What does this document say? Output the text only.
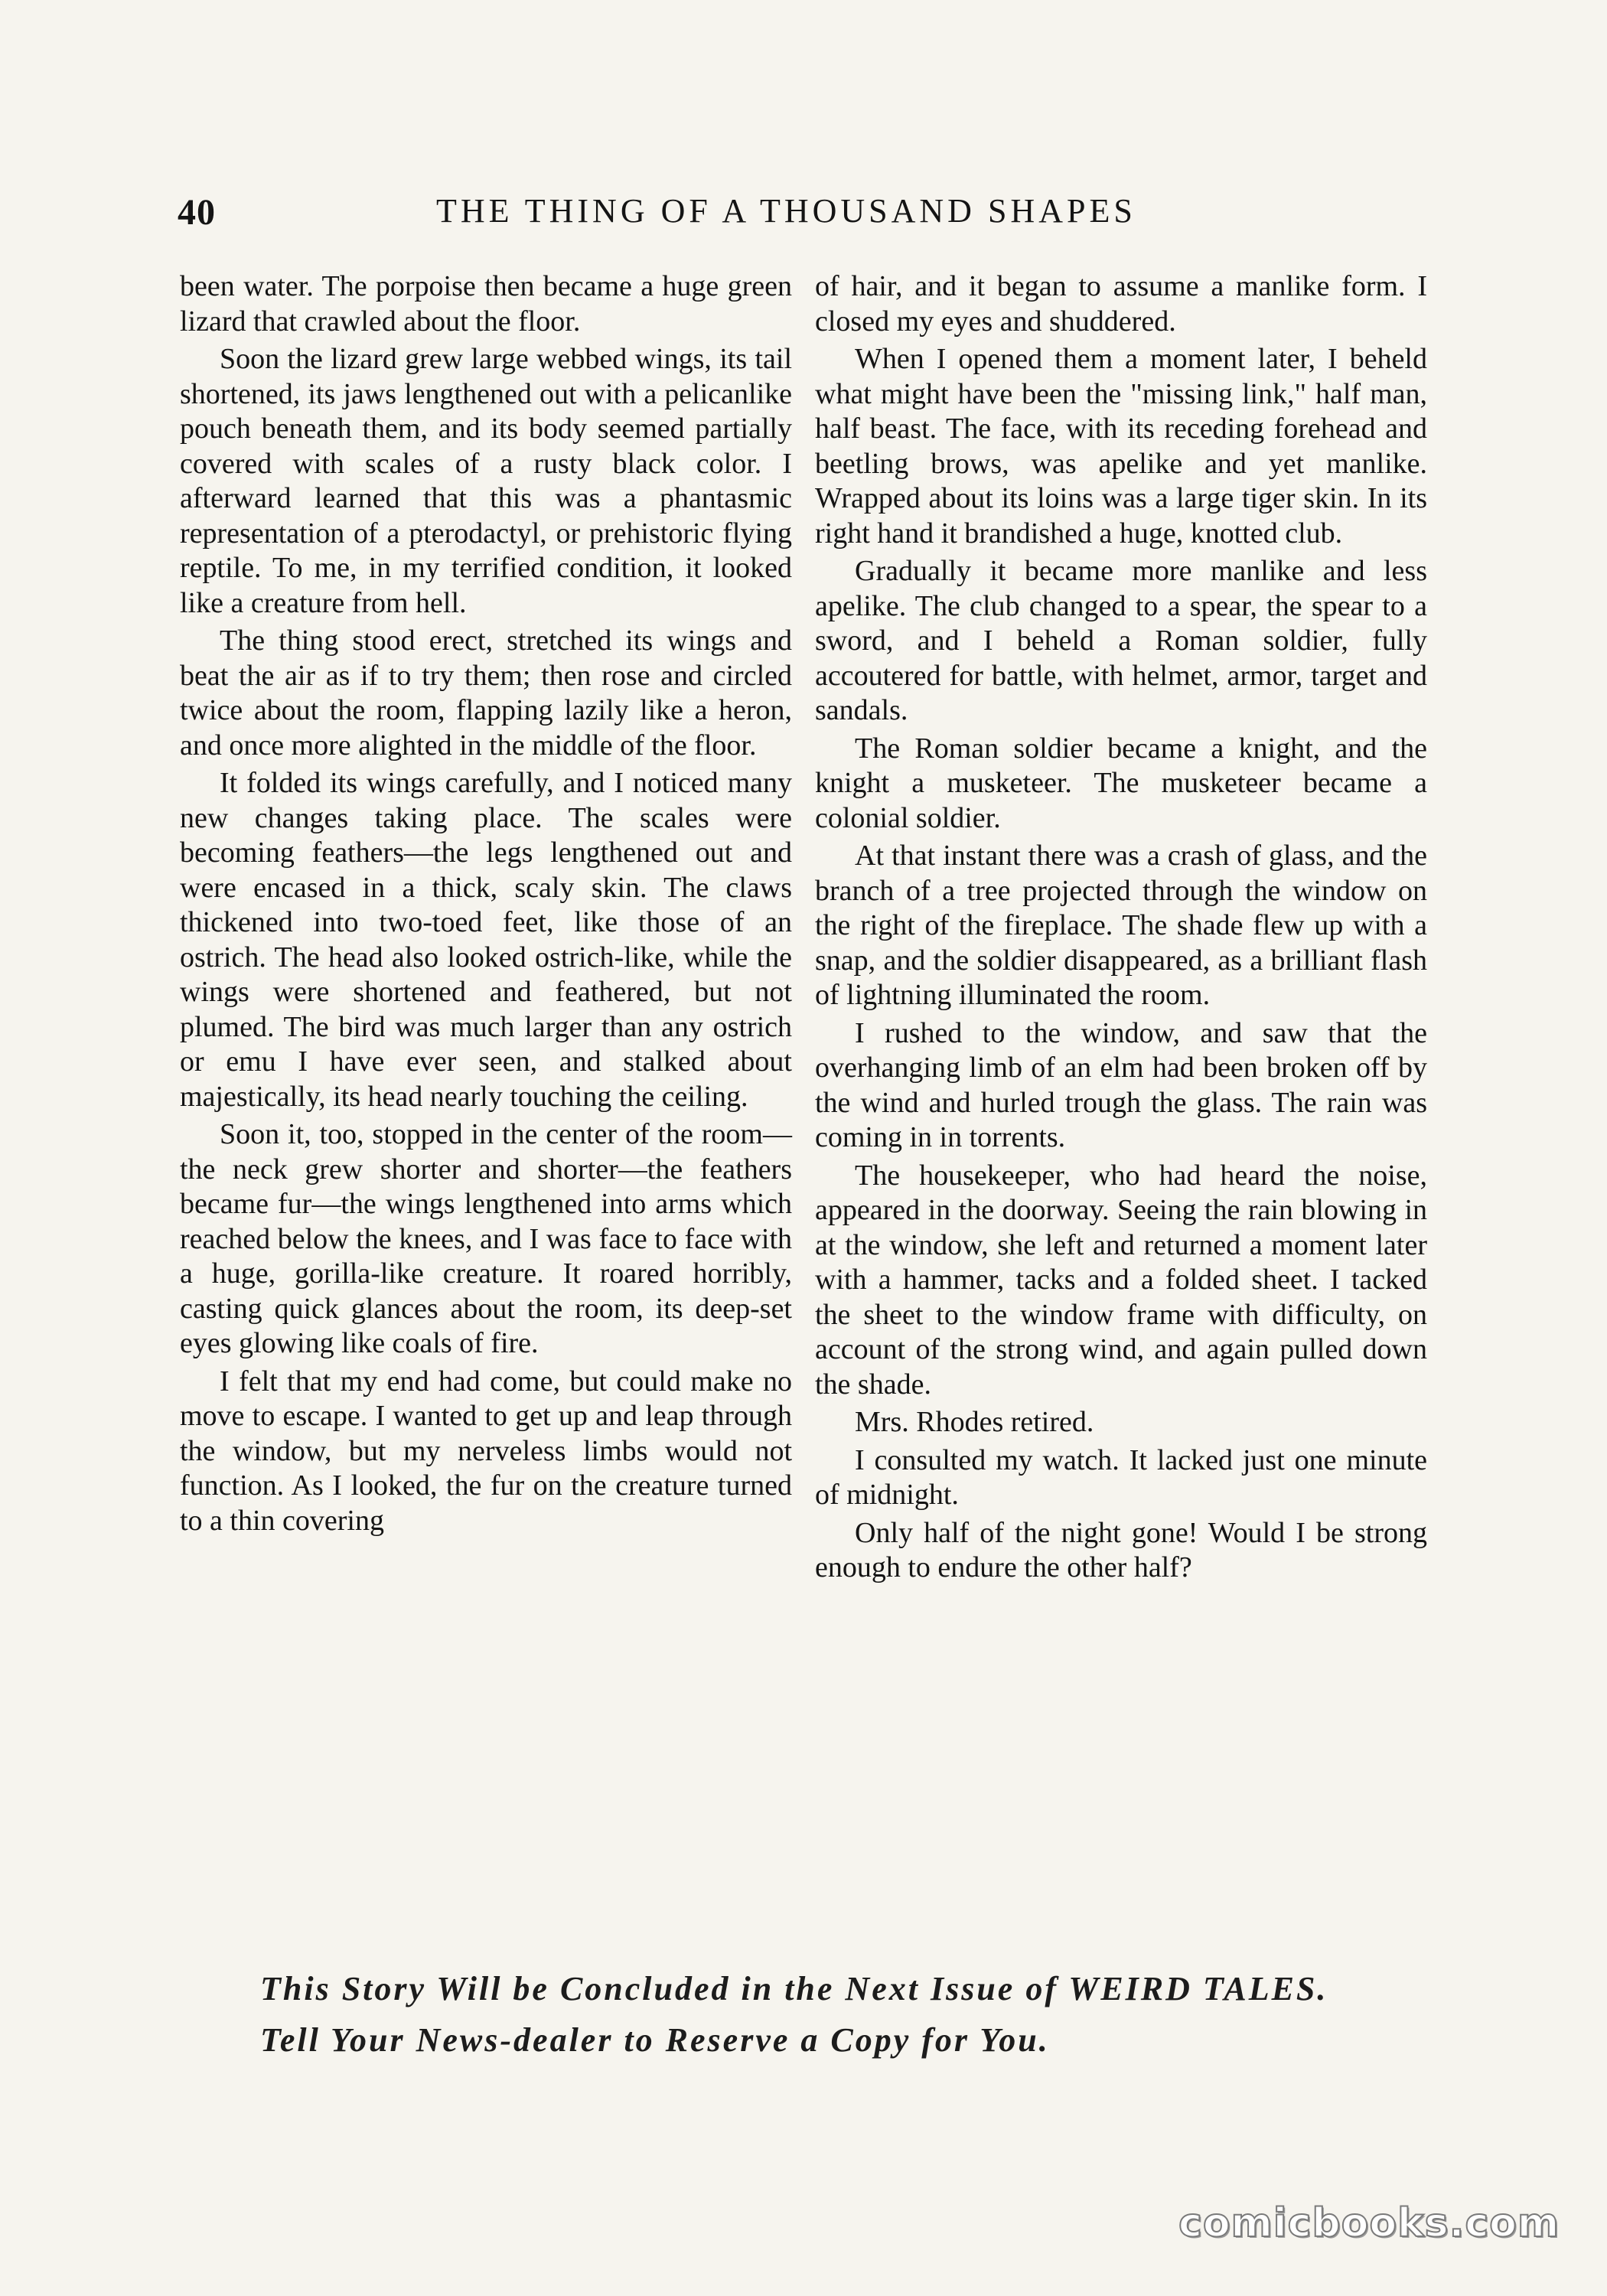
40	THE THING OF A THOUSAND SHAPES

been water. The porpoise then became a huge green lizard that crawled about the floor.

Soon the lizard grew large webbed wings, its tail shortened, its jaws lengthened out with a pelicanlike pouch beneath them, and its body seemed partially covered with scales of a rusty black color. I afterward learned that this was a phantasmic representation of a pterodactyl, or prehistoric flying reptile. To me, in my terrified condition, it looked like a creature from hell.

The thing stood erect, stretched its wings and beat the air as if to try them; then rose and circled twice about the room, flapping lazily like a heron, and once more alighted in the middle of the floor.

It folded its wings carefully, and I noticed many new changes taking place. The scales were becoming feathers—the legs lengthened out and were encased in a thick, scaly skin. The claws thickened into two-toed feet, like those of an ostrich. The head also looked ostrich-like, while the wings were shortened and feathered, but not plumed. The bird was much larger than any ostrich or emu I have ever seen, and stalked about majestically, its head nearly touching the ceiling.

Soon it, too, stopped in the center of the room—the neck grew shorter and shorter—the feathers became fur—the wings lengthened into arms which reached below the knees, and I was face to face with a huge, gorilla-like creature. It roared horribly, casting quick glances about the room, its deep-set eyes glowing like coals of fire.

I felt that my end had come, but could make no move to escape. I wanted to get up and leap through the window, but my nerveless limbs would not function. As I looked, the fur on the creature turned to a thin covering

of hair, and it began to assume a manlike form. I closed my eyes and shuddered.

When I opened them a moment later, I beheld what might have been the "missing link," half man, half beast. The face, with its receding forehead and beetling brows, was apelike and yet manlike. Wrapped about its loins was a large tiger skin. In its right hand it brandished a huge, knotted club.

Gradually it became more manlike and less apelike. The club changed to a spear, the spear to a sword, and I beheld a Roman soldier, fully accoutered for battle, with helmet, armor, target and sandals.

The Roman soldier became a knight, and the knight a musketeer. The musketeer became a colonial soldier.

At that instant there was a crash of glass, and the branch of a tree projected through the window on the right of the fireplace. The shade flew up with a snap, and the soldier disappeared, as a brilliant flash of lightning illuminated the room.

I rushed to the window, and saw that the overhanging limb of an elm had been broken off by the wind and hurled trough the glass. The rain was coming in in torrents.

The housekeeper, who had heard the noise, appeared in the doorway. Seeing the rain blowing in at the window, she left and returned a moment later with a hammer, tacks and a folded sheet. I tacked the sheet to the window frame with difficulty, on account of the strong wind, and again pulled down the shade.

Mrs. Rhodes retired.

I consulted my watch. It lacked just one minute of midnight.

Only half of the night gone! Would I be strong enough to endure the other half?

This Story Will be Concluded in the Next Issue of WEIRD TALES. Tell Your News-dealer to Reserve a Copy for You.
comicbooks.com
